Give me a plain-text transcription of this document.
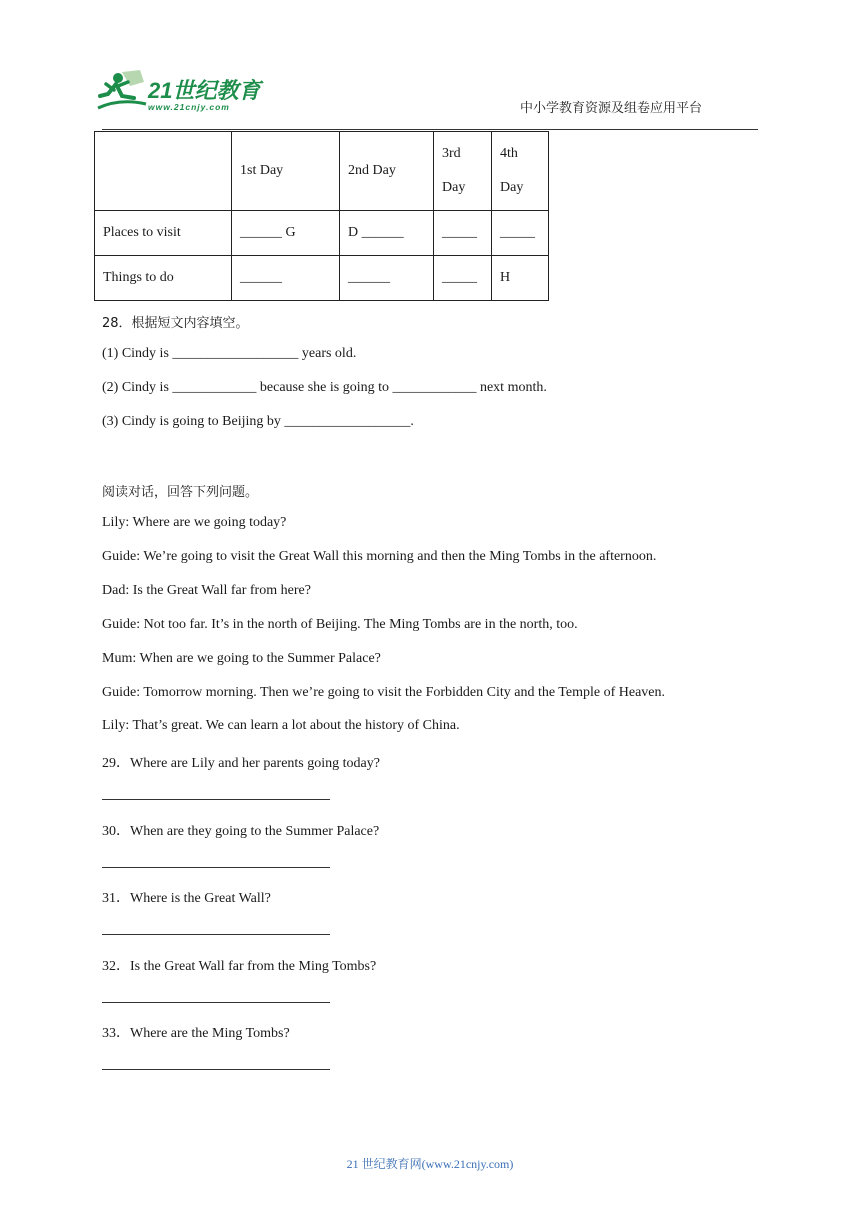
21世纪教育
www.21cnjy.com	中小学教育资源及组卷应用平台
	1st Day	2nd Day	3rd Day	4th Day
Places to visit	______ G	D ______	_____	_____
Things to do	______	______	_____	H
28．根据短文内容填空。
(1) Cindy is __________________ years old.
(2) Cindy is ____________ because she is going to ____________ next month.
(3) Cindy is going to Beijing by __________________.
阅读对话，回答下列问题。
Lily: Where are we going today?
Guide: We’re going to visit the Great Wall this morning and then the Ming Tombs in the afternoon.
Dad: Is the Great Wall far from here?
Guide: Not too far. It’s in the north of Beijing. The Ming Tombs are in the north, too.
Mum: When are we going to the Summer Palace?
Guide: Tomorrow morning. Then we’re going to visit the Forbidden City and the Temple of Heaven.
Lily: That’s great. We can learn a lot about the history of China.
29．Where are Lily and her parents going today?
30．When are they going to the Summer Palace?
31．Where is the Great Wall?
32．Is the Great Wall far from the Ming Tombs?
33．Where are the Ming Tombs?
21 世纪教育网(www.21cnjy.com)
